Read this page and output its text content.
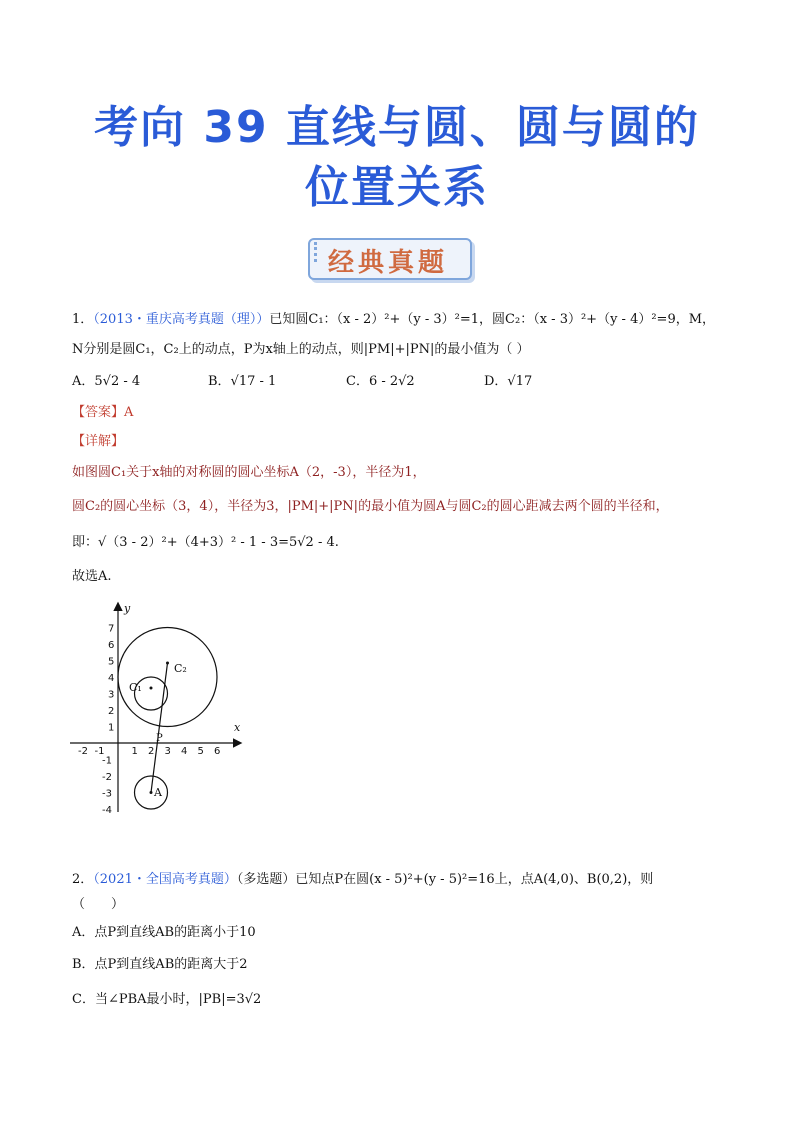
考向 39 直线与圆、圆与圆的
位置关系
经典真题
1．（2013・重庆高考真题（理））已知圆C₁：（x - 2）²+（y - 3）²=1，圆C₂：（x - 3）²+（y - 4）²=9，M，
N分别是圆C₁，C₂上的动点，P为x轴上的动点，则|PM|+|PN|的最小值为（ ）
A．5√2 - 4	B．√17 - 1	C．6 - 2√2	D．√17
【答案】A
【详解】
如图圆C₁关于x轴的对称圆的圆心坐标A（2，-3），半径为1，
圆C₂的圆心坐标（3，4），半径为3，|PM|+|PN|的最小值为圆A与圆C₂的圆心距减去两个圆的半径和，
即：√（3 - 2）²+（4+3）² - 1 - 3=5√2 - 4.
故选A.
x
y
C₂
C₁
P
A
-2 -1	1 2 3 4 5 6
7
6
5
4
3
2
1
-1
-2
-3
-4
2．（2021・全国高考真题）（多选题）已知点P在圆(x - 5)²+(y - 5)²=16上，点A(4,0)、B(0,2)，则
（　　）
A．点P到直线AB的距离小于10
B．点P到直线AB的距离大于2
C．当∠PBA最小时，|PB|=3√2
